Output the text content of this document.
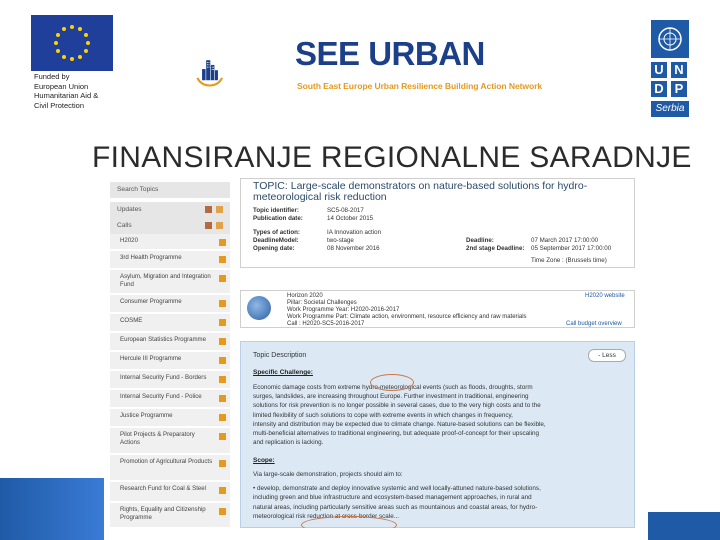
Funded by
European Union
Humanitarian Aid &
Civil Protection
SEE URBAN
South East Europe Urban Resilience Building Action Network
U N
D P
Serbia
FINANSIRANJE REGIONALNE SARADNJE
Search Topics
Updates
Calls
H2020
3rd Health Programme
Asylum, Migration and Integration Fund
Consumer Programme
COSME
European Statistics Programme
Hercule III Programme
Internal Security Fund - Borders
Internal Security Fund - Police
Justice Programme
Pilot Projects & Preparatory Actions
Promotion of Agricultural Products
Research Fund for Coal & Steel
Rights, Equality and Citizenship Programme
TOPIC: Large-scale demonstrators on nature-based solutions for hydro-meteorological risk reduction
Topic identifier:	SC5-08-2017
Publication date:	14 October 2015
Types of action:	IA Innovation action
DeadlineModel:	two-stage
Opening date:	08 November 2016
Deadline:	07 March 2017 17:00:00
2nd stage Deadline: 05 September 2017 17:00:00
Time Zone : (Brussels time)
Horizon 2020
Pillar: Societal Challenges
Work Programme Year: H2020-2016-2017
Work Programme Part: Climate action, environment, resource efficiency and raw materials
Call : H2020-SC5-2016-2017
H2020 website
Call budget overview
Topic Description	- Less
Specific Challenge:
Economic damage costs from extreme hydro-meteorological events (such as floods, droughts, storm
surges, landslides, are increasing throughout Europe. Further investment in traditional, engineering
solutions for risk prevention is no longer possible in several cases, due to the very high costs and to the
limited flexibility of such solutions to cope with extreme events in which changes in frequency,
intensity and distribution may be expected due to climate change. Nature-based solutions can be flexible,
multi-beneficial alternatives to traditional engineering, but adequate proof-of-concept for their upscaling
and replication is lacking.
Scope:
Via large-scale demonstration, projects should aim to:
• develop, demonstrate and deploy innovative systemic and well locally-attuned nature-based solutions,
including green and blue infrastructure and ecosystem-based management approaches, in rural and
natural areas, including particularly sensitive areas such as mountainous and coastal areas, for hydro-
meteorological risk reduction at cross-border scale...
